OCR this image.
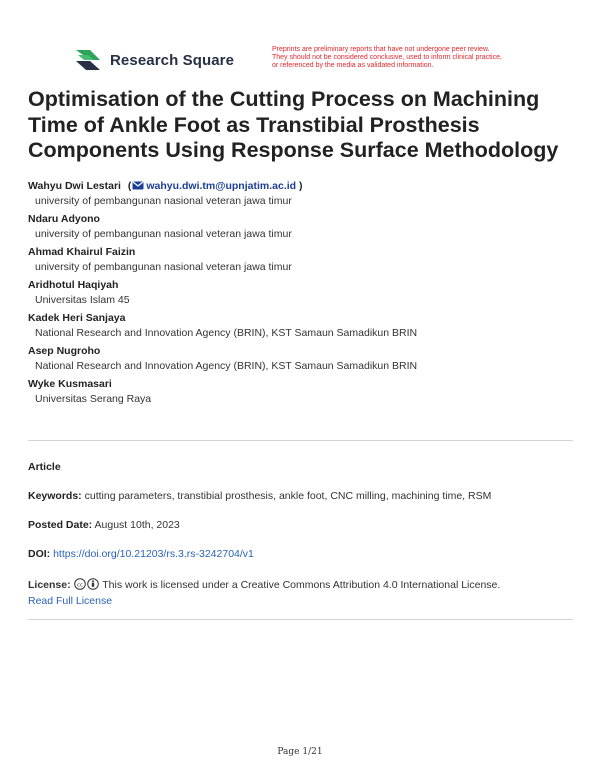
Research Square
Preprints are preliminary reports that have not undergone peer review.
They should not be considered conclusive, used to inform clinical practice,
or referenced by the media as validated information.
Optimisation of the Cutting Process on Machining Time of Ankle Foot as Transtibial Prosthesis Components Using Response Surface Methodology
Wahyu Dwi Lestari ( wahyu.dwi.tm@upnjatim.ac.id )
university of pembangunan nasional veteran jawa timur
Ndaru Adyono
university of pembangunan nasional veteran jawa timur
Ahmad Khairul Faizin
university of pembangunan nasional veteran jawa timur
Aridhotul Haqiyah
Universitas Islam 45
Kadek Heri Sanjaya
National Research and Innovation Agency (BRIN), KST Samaun Samadikun BRIN
Asep Nugroho
National Research and Innovation Agency (BRIN), KST Samaun Samadikun BRIN
Wyke Kusmasari
Universitas Serang Raya
Article
Keywords: cutting parameters, transtibial prosthesis, ankle foot, CNC milling, machining time, RSM
Posted Date: August 10th, 2023
DOI: https://doi.org/10.21203/rs.3.rs-3242704/v1
License: cc This work is licensed under a Creative Commons Attribution 4.0 International License.
Read Full License
Page 1/21
